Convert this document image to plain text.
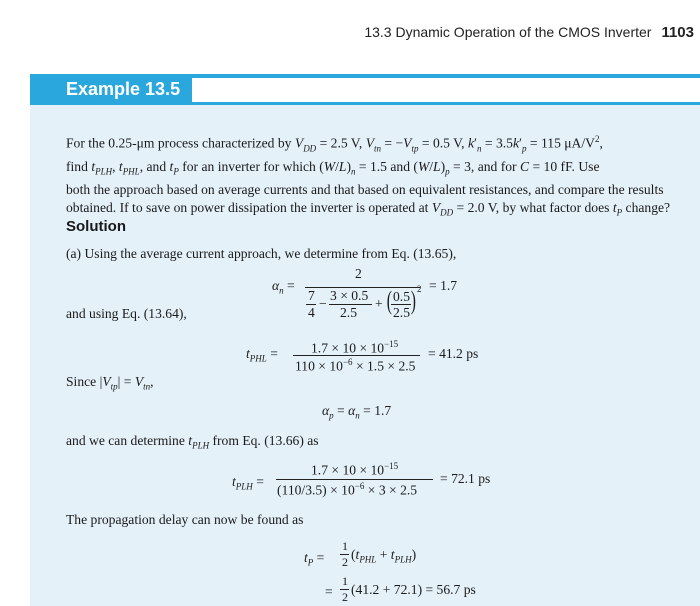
13.3 Dynamic Operation of the CMOS Inverter 1103
Example 13.5
For the 0.25-μm process characterized by $V_{DD} = 2.5$ V, $V_{tn} = -V_{tp} = 0.5$ V, $k'_n = 3.5k'_p = 115$ $\mu A/V^2$,
find $t_{PLH}$, $t_{PHL}$, and $t_P$ for an inverter for which $(W/L)_n = 1.5$ and $(W/L)_p = 3$, and for C = 10 fF. Use
both the approach based on average currents and that based on equivalent resistances, and compare the results
obtained. If to save on power dissipation the inverter is operated at $V_{DD} = 2.0$ V, by what factor does $t_P$ change?
Solution
(a) Using the average current approach, we determine from Eq. (13.65),
$\alpha_n$ =
2
= 1.7
7
4
−
3 × 0.5
2.5
+ ( 0.5
2.5 ) 2
and using Eq. (13.64),
$t_{PHL} = 1.7 \times 10 \times 10^{-15}$
$110 \times 10^{-6} \times 1.5 \times 2.5$
= 41.2 ps
Since $|V_{tp}| = V_{tn}$,
$\alpha_p = \alpha_n = 1.7$
and we can determine $t_{PLH}$ from Eq. (13.66) as
$t_{PLH}$ =
$1.7 \times 10 \times 10^{-15}$
$(110/3.5) \times 10^{-6} \times 3 \times 2.5$
= 72.1 ps
The propagation delay can now be found as
$t_P$ =
1
2 $(t_{PHL} + t_{PLH})$
=
1
2 (41.2 + 72.1) = 56.7 ps
